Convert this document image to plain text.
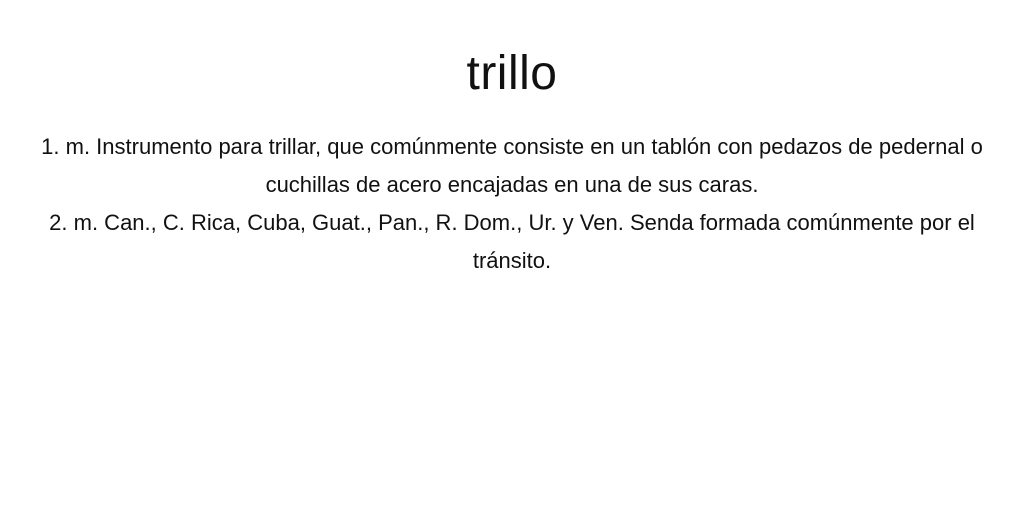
trillo
1. m. Instrumento para trillar, que comúnmente consiste en un tablón con pedazos de pedernal o cuchillas de acero encajadas en una de sus caras.
2. m. Can., C. Rica, Cuba, Guat., Pan., R. Dom., Ur. y Ven. Senda formada comúnmente por el tránsito.
